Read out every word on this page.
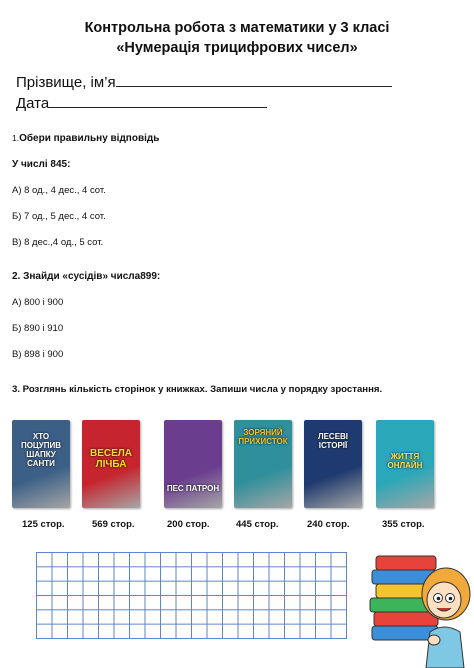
Контрольна робота з математики у 3 класі
«Нумерація трицифрових чисел»
Прізвище, ім’я
Дата
1.Обери правильну відповідь
У числі 845:
А) 8 од., 4 дес., 4 сот.
Б) 7 од., 5 дес., 4 сот.
В) 8 дес.,4 од., 5 сот.
2. Знайди «сусідів» числа899:
А) 800 і 900
Б) 890 і 910
В) 898 і 900
3. Розглянь кількість сторінок у книжках. Запиши числа у порядку зростання.
ХТО ПОЦУПИВ ШАПКУ САНТИ
ВЕСЕЛА ЛІЧБА
ПЕС ПАТРОН
ЗОРЯНИЙ ПРИХИСТОК
ЛЕСЕВІ ІСТОРІЇ
ЖИТТЯ ОНЛАЙН
125 стор.	569 стор.	200 стор.	445 стор.	240 стор.	355 стор.
